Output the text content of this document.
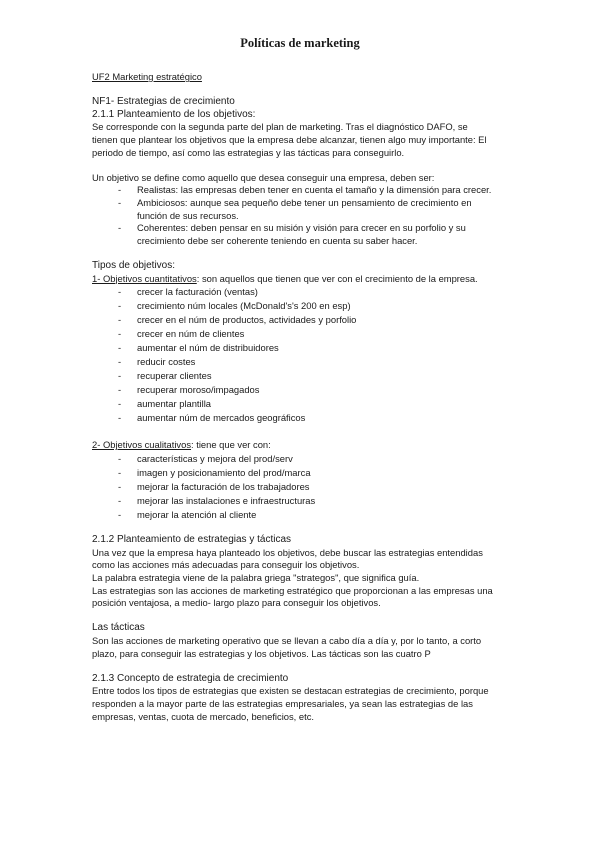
Políticas de marketing
UF2 Marketing estratégico
NF1- Estrategias de crecimiento
2.1.1 Planteamiento de los objetivos:
Se corresponde con la segunda parte del plan de marketing. Tras el diagnóstico DAFO, se
tienen que plantear los objetivos que la empresa debe alcanzar, tienen algo muy importante: El
periodo de tiempo, así como las estrategias y las tácticas para conseguirlo.
Un objetivo se define como aquello que desea conseguir una empresa, deben ser:
- Realistas: las empresas deben tener en cuenta el tamaño y la dimensión para crecer.
- Ambiciosos: aunque sea pequeño debe tener un pensamiento de crecimiento en
función de sus recursos.
- Coherentes: deben pensar en su misión y visión para crecer en su porfolio y su
crecimiento debe ser coherente teniendo en cuenta su saber hacer.
Tipos de objetivos:
1- Objetivos cuantitativos: son aquellos que tienen que ver con el crecimiento de la empresa.
- crecer la facturación (ventas)
- crecimiento núm locales (McDonald's's 200 en esp)
- crecer en el núm de productos, actividades y porfolio
- crecer en núm de clientes
- aumentar el núm de distribuidores
- reducir costes
- recuperar clientes
- recuperar moroso/impagados
- aumentar plantilla
- aumentar núm de mercados geográficos
2- Objetivos cualitativos: tiene que ver con:
- características y mejora del prod/serv
- imagen y posicionamiento del prod/marca
- mejorar la facturación de los trabajadores
- mejorar las instalaciones e infraestructuras
- mejorar la atención al cliente
2.1.2 Planteamiento de estrategias y tácticas
Una vez que la empresa haya planteado los objetivos, debe buscar las estrategias entendidas
como las acciones más adecuadas para conseguir los objetivos.
La palabra estrategia viene de la palabra griega "strategos", que significa guía.
Las estrategias son las acciones de marketing estratégico que proporcionan a las empresas una
posición ventajosa, a medio- largo plazo para conseguir los objetivos.
Las tácticas
Son las acciones de marketing operativo que se llevan a cabo día a día y, por lo tanto, a corto
plazo, para conseguir las estrategias y los objetivos. Las tácticas son las cuatro P
2.1.3 Concepto de estrategia de crecimiento
Entre todos los tipos de estrategias que existen se destacan estrategias de crecimiento, porque
responden a la mayor parte de las estrategias empresariales, ya sean las estrategias de las
empresas, ventas, cuota de mercado, beneficios, etc.
